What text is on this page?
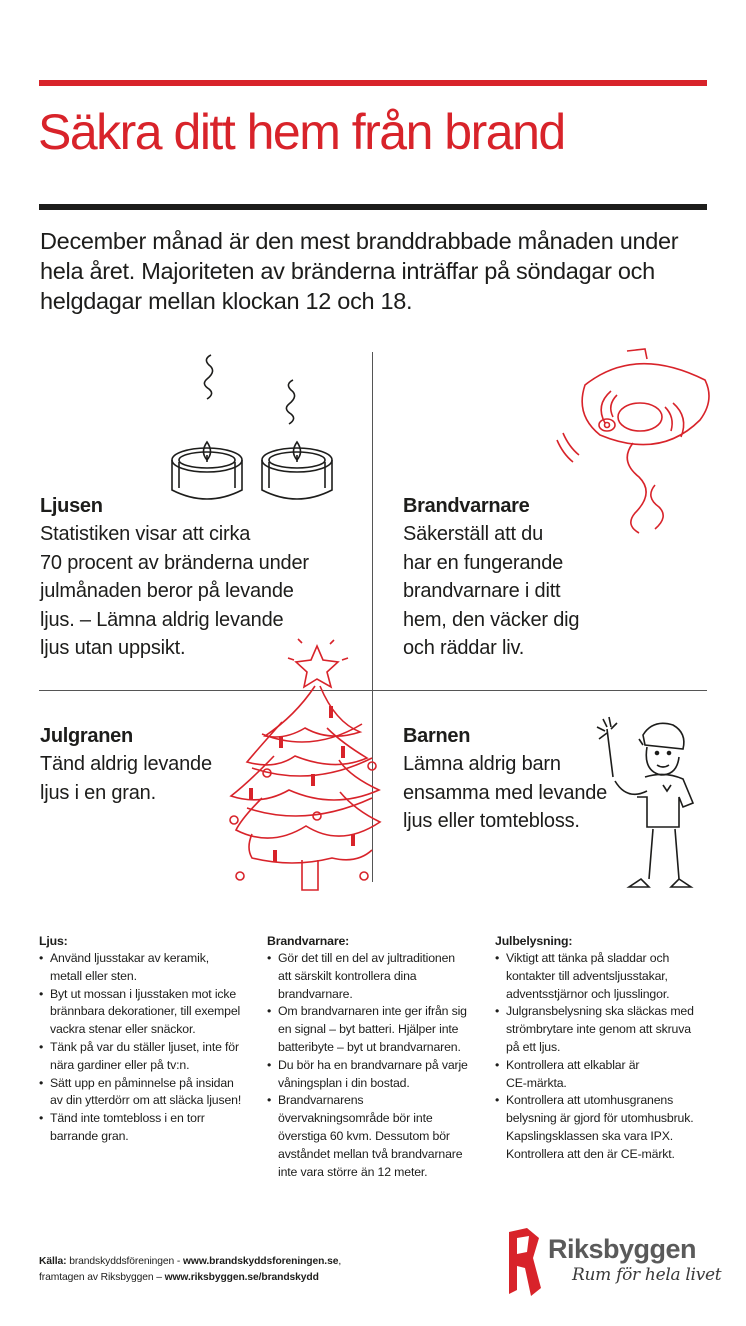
Säkra ditt hem från brand

December månad är den mest branddrabbade månaden under hela året. Majoriteten av bränderna inträffar på söndagar och helgdagar mellan klockan 12 och 18.

Ljusen

Statistiken visar att cirka
70 procent av bränderna under
julmånaden beror på levande
ljus. – Lämna aldrig levande
ljus utan uppsikt.

Brandvarnare

Säkerställ att du
har en fungerande
brandvarnare i ditt
hem, den väcker dig
och räddar liv.

Julgranen

Tänd aldrig levande
ljus i en gran.

Barnen

Lämna aldrig barn
ensamma med levande
ljus eller tomtebloss.

Ljus:
• Använd ljusstakar av keramik,
metall eller sten.
• Byt ut mossan i ljusstaken mot icke
brännbara dekorationer, till exempel
vackra stenar eller snäckor.
• Tänk på var du ställer ljuset, inte för
nära gardiner eller på tv:n.
• Sätt upp en påminnelse på insidan
av din ytterdörr om att släcka ljusen!
• Tänd inte tomtebloss i en torr
barrande gran.
Brandvarnare:
• Gör det till en del av jultraditionen
att särskilt kontrollera dina
brandvarnare.
• Om brandvarnaren inte ger ifrån sig
en signal – byt batteri. Hjälper inte
batteribyte – byt ut brandvarnaren.
• Du bör ha en brandvarnare på varje
våningsplan i din bostad.
• Brandvarnarens
övervakningsområde bör inte
överstiga 60 kvm. Dessutom bör
avståndet mellan två brandvarnare
inte vara större än 12 meter.
Julbelysning:
• Viktigt att tänka på sladdar och
kontakter till adventsljusstakar,
adventsstjärnor och ljusslingor.
• Julgransbelysning ska släckas med
strömbrytare inte genom att skruva
på ett ljus.
• Kontrollera att elkablar är
CE-märkta.
• Kontrollera att utomhusgranens
belysning är gjord för utomhusbruk.
Kapslingsklassen ska vara IPX.
Kontrollera att den är CE-märkt.
Källa: brandskyddsföreningen - www.brandskyddsforeningen.se,
framtagen av Riksbyggen – www.riksbyggen.se/brandskydd
Riksbyggen
Rum för hela livet
